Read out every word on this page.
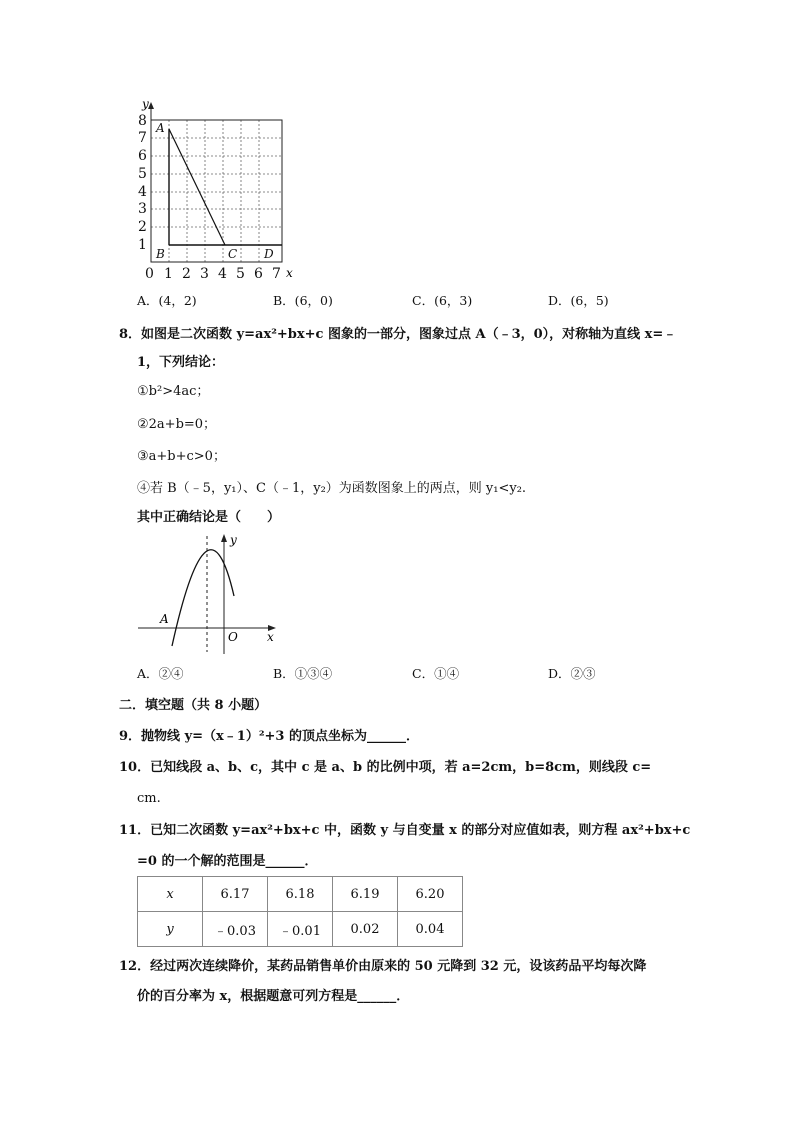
y
x
8
7
6
5
4
3
2
1
0 1 2 3 4 5 6 7
A
B	C D
A．(4，2)	B．(6，0)	C．(6，3)	D．(6，5)
8．如图是二次函数 y=ax²+bx+c 图象的一部分，图象过点 A（﹣3，0），对称轴为直线 x=﹣
1，下列结论：
①b²>4ac；
②2a+b=0；
③a+b+c>0；
④若 B（﹣5，y₁）、C（﹣1，y₂）为函数图象上的两点，则 y₁<y₂.
其中正确结论是（　　）
y
x
O
A
A．②④	B．①③④	C．①④	D．②③
二．填空题（共 8 小题）
9．抛物线 y=（x﹣1）²+3 的顶点坐标为______．
10．已知线段 a、b、c，其中 c 是 a、b 的比例中项，若 a=2cm，b=8cm，则线段 c=
cm.
11．已知二次函数 y=ax²+bx+c 中，函数 y 与自变量 x 的部分对应值如表，则方程 ax²+bx+c
=0 的一个解的范围是______．
x	6.17	6.18	6.19	6.20
y	﹣0.03	﹣0.01	0.02	0.04
12．经过两次连续降价，某药品销售单价由原来的 50 元降到 32 元，设该药品平均每次降
价的百分率为 x，根据题意可列方程是______．
